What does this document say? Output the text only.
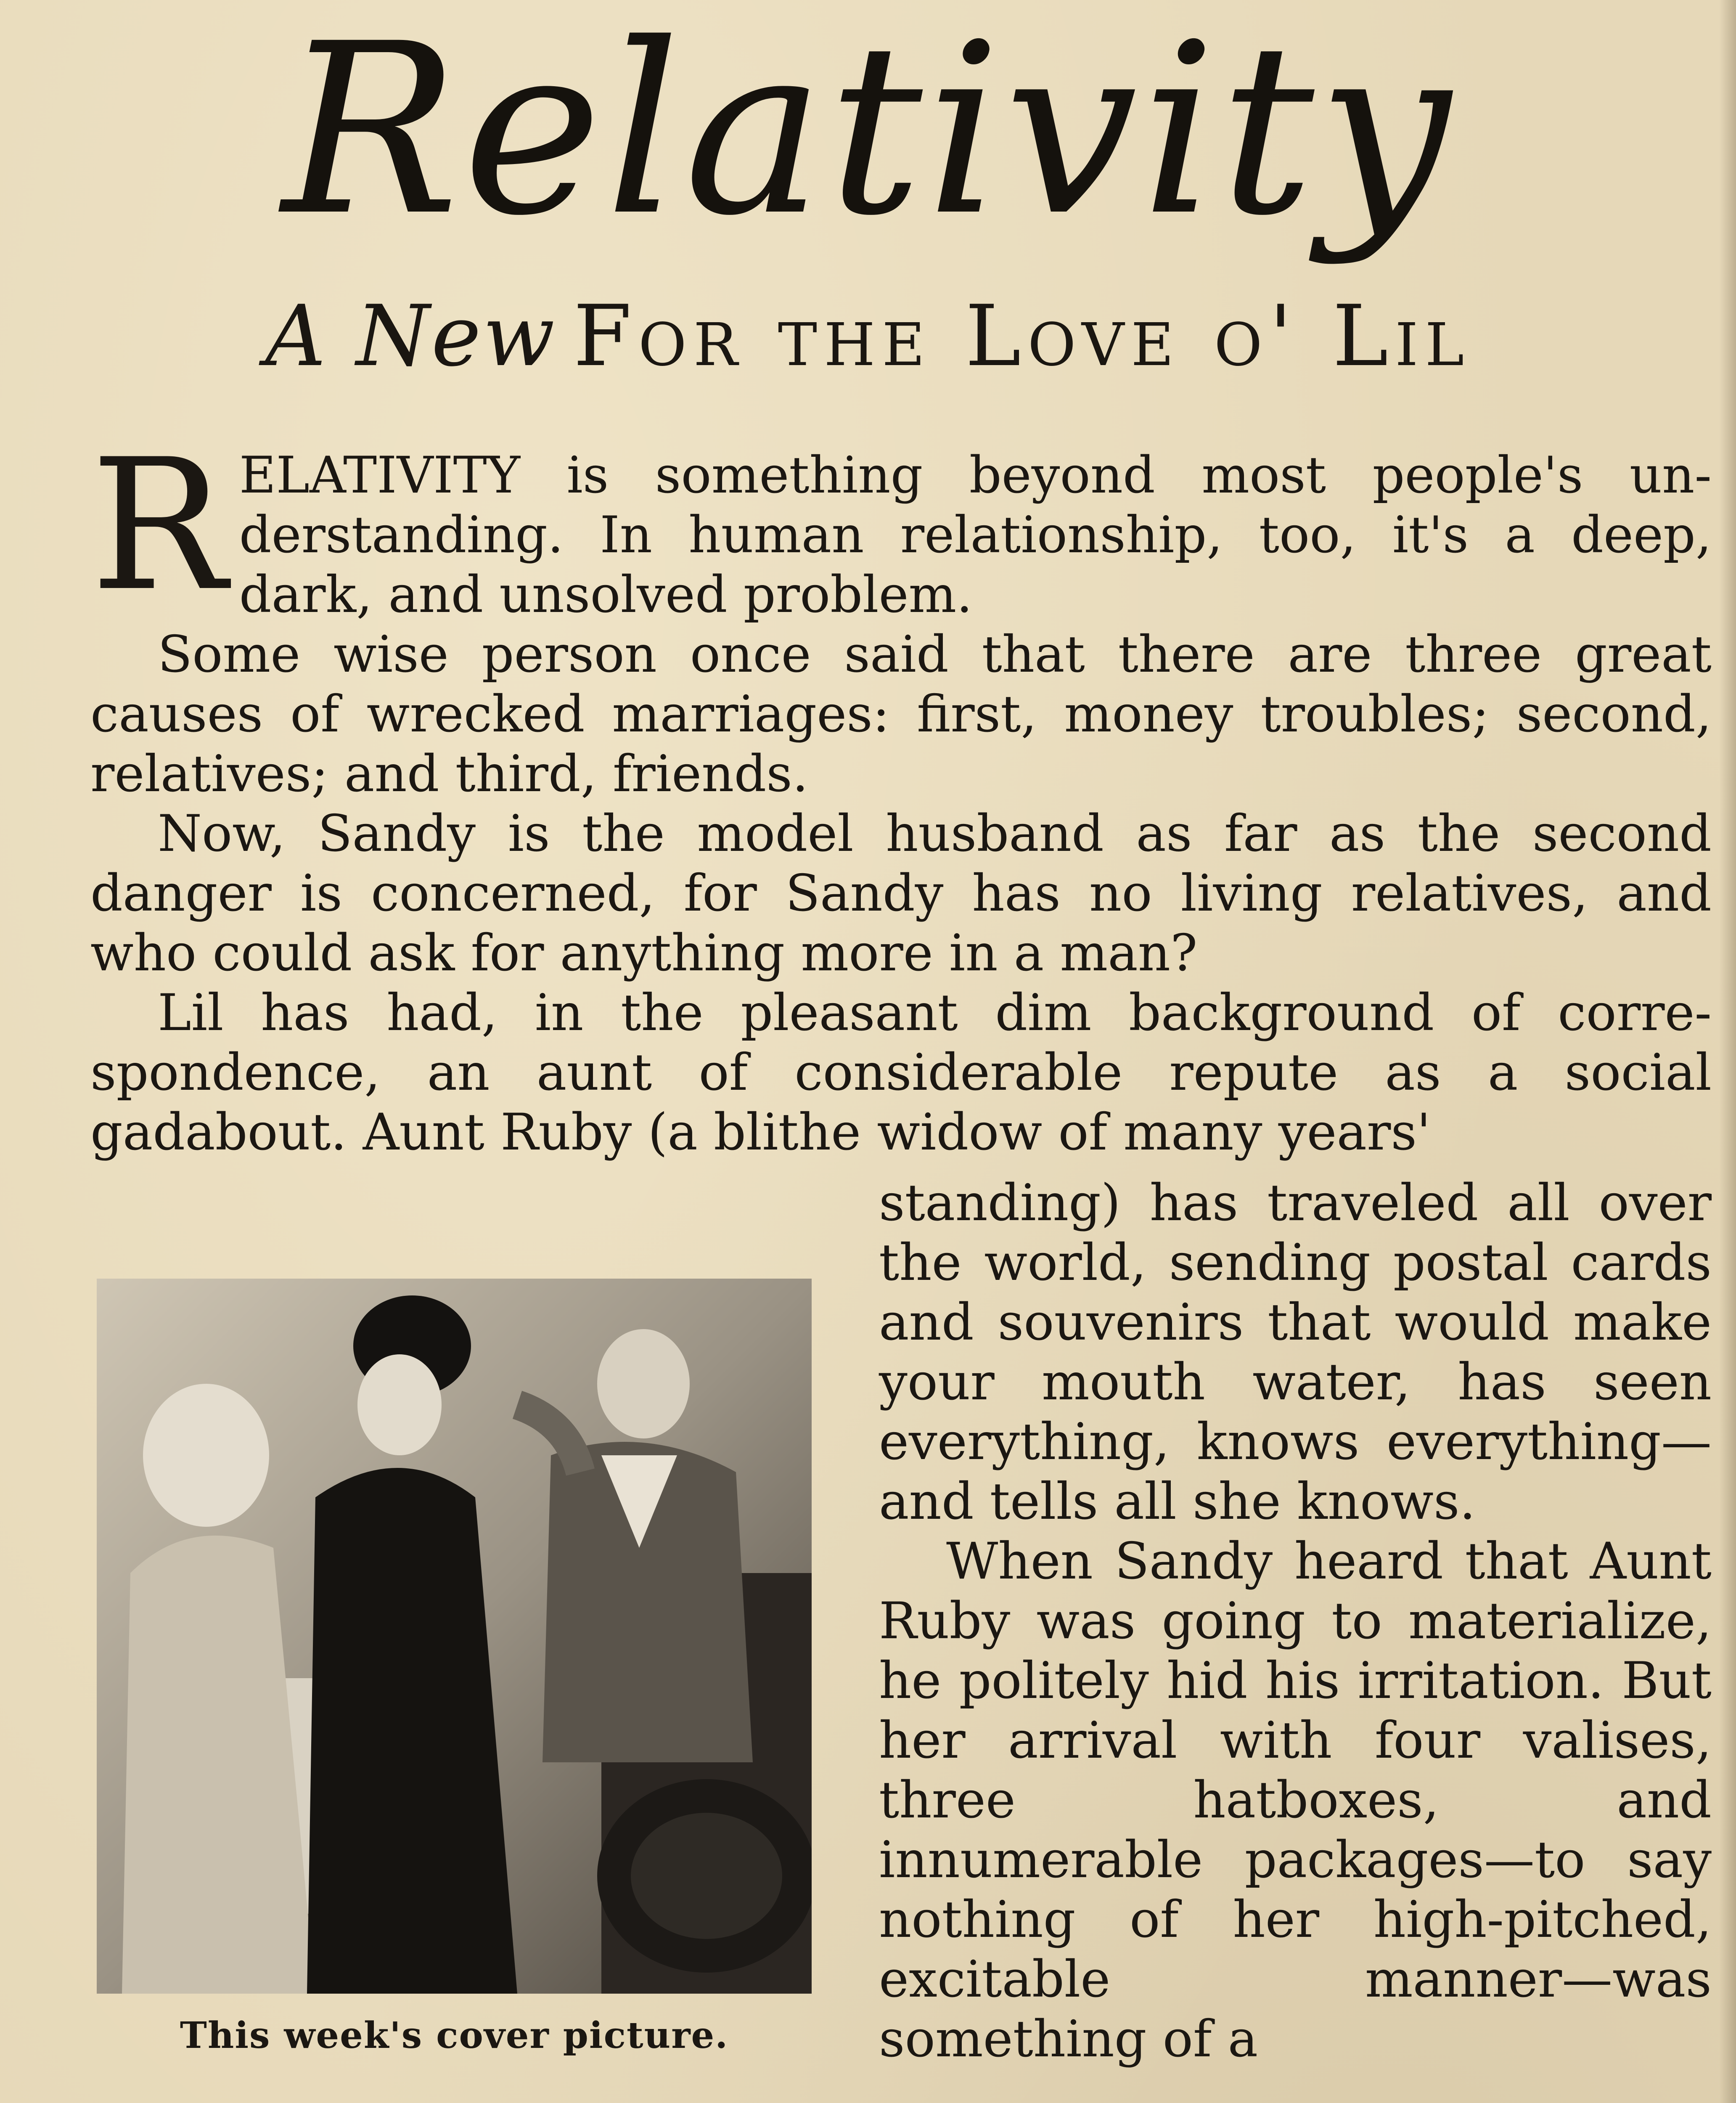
Relativity
A New For the Love o' Lil

RELATIVITY is something beyond most people's understanding. In human relationship, too, it's a deep, dark, and unsolved problem.

Some wise person once said that there are three great causes of wrecked marriages: first, money troubles; second, relatives; and third, friends.

Now, Sandy is the model husband as far as the second danger is concerned, for Sandy has no living relatives, and who could ask for anything more in a man?

Lil has had, in the pleasant dim background of correspondence, an aunt of considerable repute as a social gadabout. Aunt Ruby (a blithe widow of many years'

This week's cover picture.

standing) has traveled all over the world, sending postal cards and souvenirs that would make your mouth water, has seen everything, knows everything—and tells all she knows.

When Sandy heard that Aunt Ruby was going to materialize, he politely hid his irritation. But her arrival with four valises, three hatboxes, and innumerable packages—to say nothing of her high-pitched, excitable manner—was something of a
